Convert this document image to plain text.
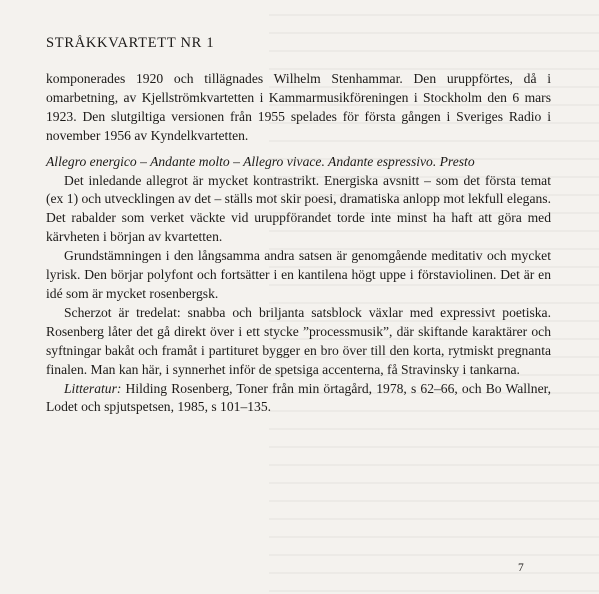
STRÅKKVARTETT NR 1

komponerades 1920 och tillägnades Wilhelm Stenhammar. Den uruppförtes, då i omarbetning, av Kjellströmkvartetten i Kammarmusikföreningen i Stockholm den 6 mars 1923. Den slutgiltiga versionen från 1955 spelades för första gången i Sveriges Radio i november 1956 av Kyndelkvartetten.

Allegro energico – Andante molto – Allegro vivace. Andante espressivo. Presto

Det inledande allegrot är mycket kontrastrikt. Energiska avsnitt – som det första temat (ex 1) och utvecklingen av det – ställs mot skir poesi, dramatiska anlopp mot lekfull elegans. Det rabalder som verket väckte vid uruppförandet torde inte minst ha haft att göra med kärvheten i början av kvartetten.

Grundstämningen i den långsamma andra satsen är genomgående meditativ och mycket lyrisk. Den börjar polyfont och fortsätter i en kantilena högt uppe i förstaviolinen. Det är en idé som är mycket rosenbergsk.

Scherzot är tredelat: snabba och briljanta satsblock växlar med expressivt poetiska. Rosenberg låter det gå direkt över i ett stycke ”processmusik”, där skiftande karaktärer och syftningar bakåt och framåt i partituret bygger en bro över till den korta, rytmiskt pregnanta finalen. Man kan här, i synnerhet inför de spetsiga accenterna, få Stravinsky i tankarna.

Litteratur: Hilding Rosenberg, Toner från min örtagård, 1978, s 62–66, och Bo Wallner, Lodet och spjutspetsen, 1985, s 101–135.

7
